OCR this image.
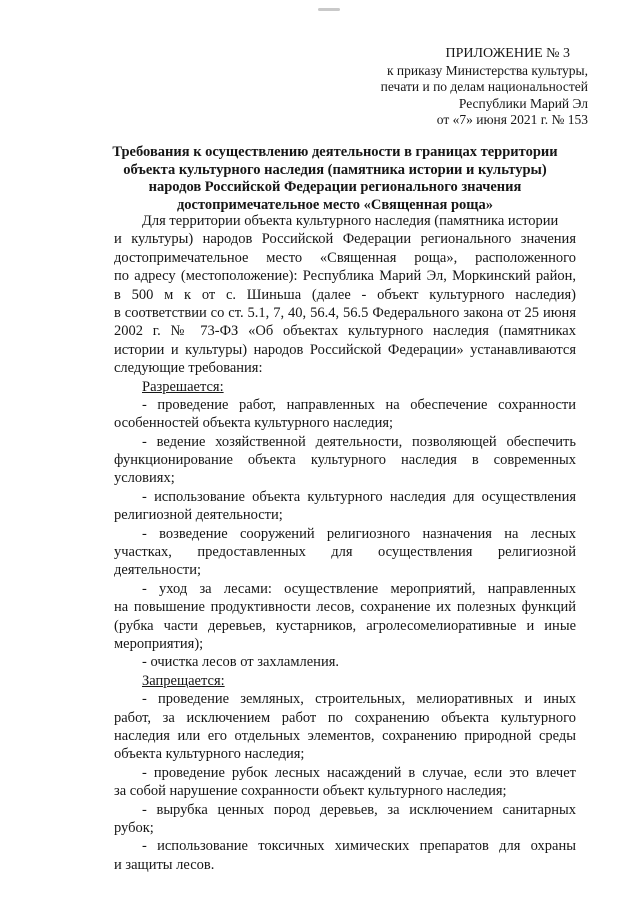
ПРИЛОЖЕНИЕ № 3
к приказу Министерства культуры,
печати и по делам национальностей
Республики Марий Эл
от «7» июня 2021 г. № 153
Требования к осуществлению деятельности в границах территории
объекта культурного наследия (памятника истории и культуры)
народов Российской Федерации регионального значения
достопримечательное место «Священная роща»
Для территории объекта культурного наследия (памятника истории
и культуры) народов Российской Федерации регионального значения
достопримечательное место «Священная роща», расположенного
по адресу (местоположение): Республика Марий Эл, Моркинский район,
в 500 м к от с. Шиньша (далее - объект культурного наследия)
в соответствии со ст. 5.1, 7, 40, 56.4, 56.5 Федерального закона от 25 июня
2002 г. № 73-ФЗ «Об объектах культурного наследия (памятниках
истории и культуры) народов Российской Федерации» устанавливаются
следующие требования:
Разрешается:
- проведение работ, направленных на обеспечение сохранности
особенностей объекта культурного наследия;
- ведение хозяйственной деятельности, позволяющей обеспечить
функционирование объекта культурного наследия в современных
условиях;
- использование объекта культурного наследия для осуществления
религиозной деятельности;
- возведение сооружений религиозного назначения на лесных
участках, предоставленных для осуществления религиозной
деятельности;
- уход за лесами: осуществление мероприятий, направленных
на повышение продуктивности лесов, сохранение их полезных функций
(рубка части деревьев, кустарников, агролесомелиоративные и иные
мероприятия);
- очистка лесов от захламления.
Запрещается:
- проведение земляных, строительных, мелиоративных и иных
работ, за исключением работ по сохранению объекта культурного
наследия или его отдельных элементов, сохранению природной среды
объекта культурного наследия;
- проведение рубок лесных насаждений в случае, если это влечет
за собой нарушение сохранности объект культурного наследия;
- вырубка ценных пород деревьев, за исключением санитарных
рубок;
- использование токсичных химических препаратов для охраны
и защиты лесов.
